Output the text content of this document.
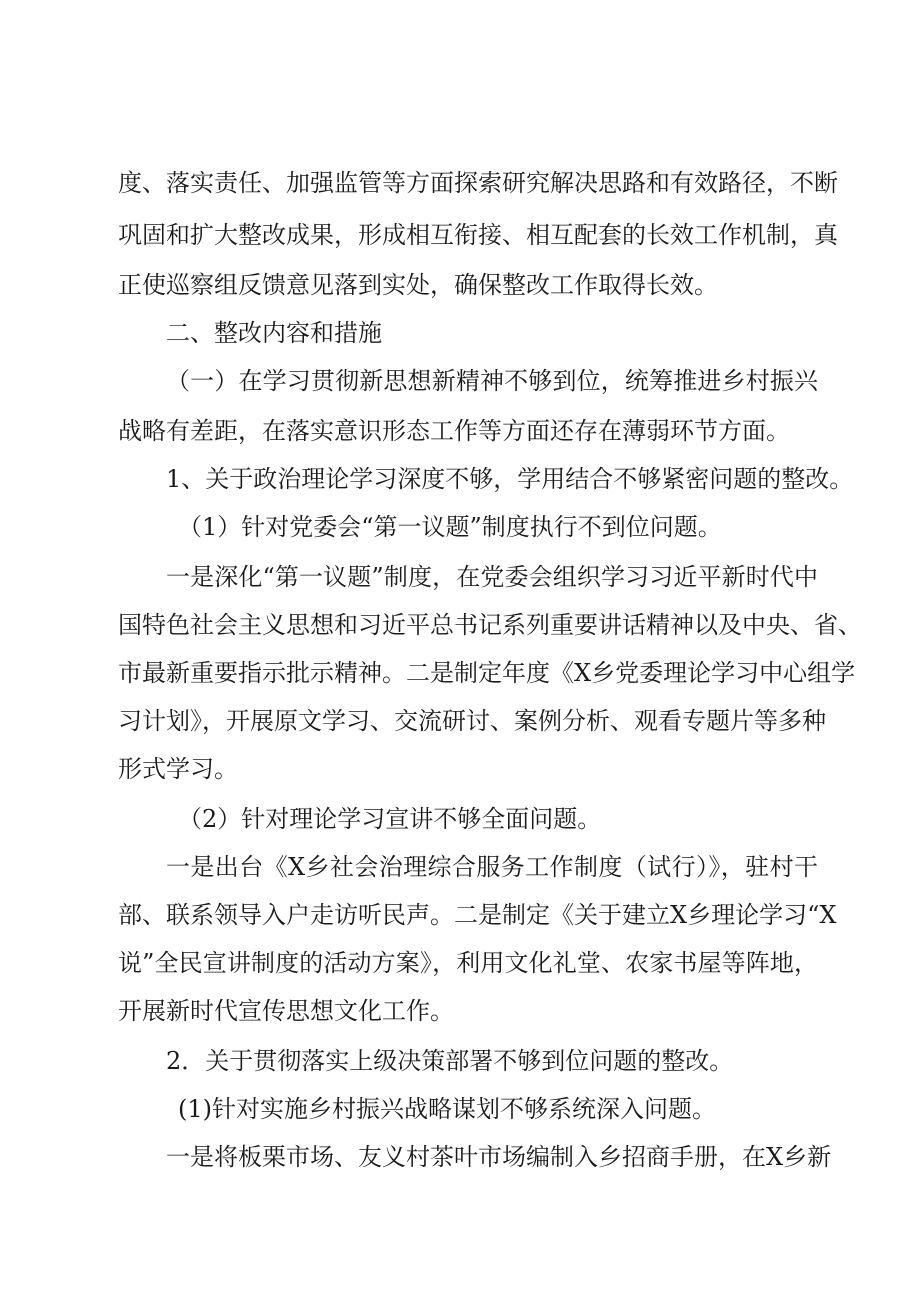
度、落实责任、加强监管等方面探索研究解决思路和有效路径，不断
巩固和扩大整改成果，形成相互衔接、相互配套的长效工作机制，真
正使巡察组反馈意见落到实处，确保整改工作取得长效。
二、整改内容和措施
（一）在学习贯彻新思想新精神不够到位，统筹推进乡村振兴
战略有差距，在落实意识形态工作等方面还存在薄弱环节方面。
1、关于政治理论学习深度不够，学用结合不够紧密问题的整改。
（1）针对党委会“第一议题”制度执行不到位问题。
一是深化“第一议题”制度，在党委会组织学习习近平新时代中
国特色社会主义思想和习近平总书记系列重要讲话精神以及中央、省、
市最新重要指示批示精神。二是制定年度《X乡党委理论学习中心组学
习计划》，开展原文学习、交流研讨、案例分析、观看专题片等多种
形式学习。
（2）针对理论学习宣讲不够全面问题。
一是出台《X乡社会治理综合服务工作制度（试行）》，驻村干
部、联系领导入户走访听民声。二是制定《关于建立X乡理论学习“X
说”全民宣讲制度的活动方案》，利用文化礼堂、农家书屋等阵地，
开展新时代宣传思想文化工作。
2．关于贯彻落实上级决策部署不够到位问题的整改。
(1)针对实施乡村振兴战略谋划不够系统深入问题。
一是将板栗市场、友义村茶叶市场编制入乡招商手册，在X乡新
